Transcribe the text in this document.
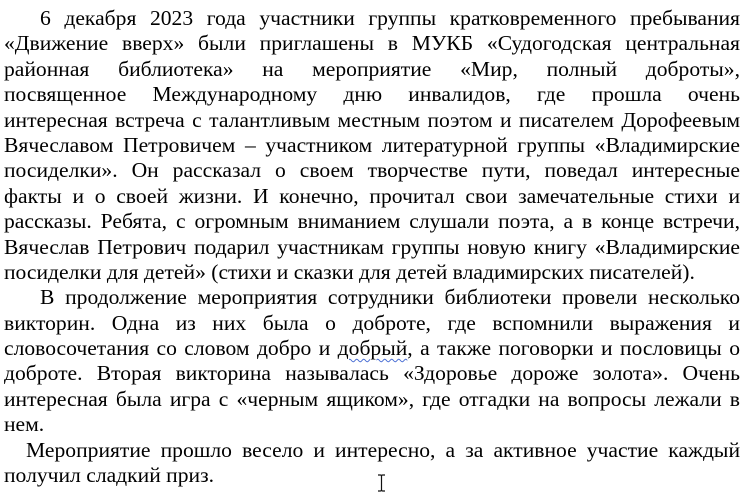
6 декабря 2023 года участники группы кратковременного пребывания
«Движение вверх» были приглашены в МУКБ «Судогодская центральная
районная библиотека» на мероприятие «Мир, полный доброты»,
посвященное Международному дню инвалидов, где прошла очень
интересная встреча с талантливым местным поэтом и писателем Дорофеевым
Вячеславом Петровичем – участником литературной группы «Владимирские
посиделки». Он рассказал о своем творчестве пути, поведал интересные
факты и о своей жизни. И конечно, прочитал свои замечательные стихи и
рассказы. Ребята, с огромным вниманием слушали поэта, а в конце встречи,
Вячеслав Петрович подарил участникам группы новую книгу «Владимирские
посиделки для детей» (стихи и сказки для детей владимирских писателей).
В продолжение мероприятия сотрудники библиотеки провели несколько
викторин. Одна из них была о доброте, где вспомнили выражения и
словосочетания со словом добро и добрый, а также поговорки и пословицы о
доброте. Вторая викторина называлась «Здоровье дороже золота». Очень
интересная была игра с «черным ящиком», где отгадки на вопросы лежали в
нем.
Мероприятие прошло весело и интересно, а за активное участие каждый
получил сладкий приз.
